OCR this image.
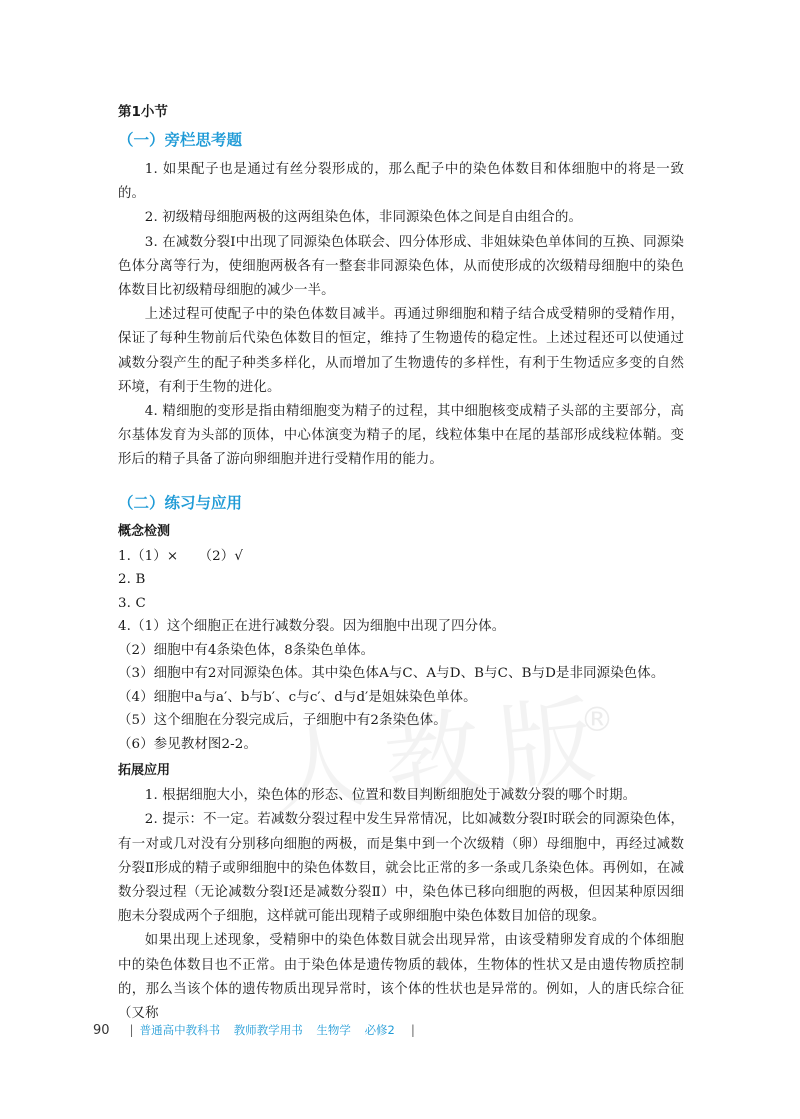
®
第1小节
（一）旁栏思考题

1. 如果配子也是通过有丝分裂形成的，那么配子中的染色体数目和体细胞中的将是一致的。

2. 初级精母细胞两极的这两组染色体，非同源染色体之间是自由组合的。

3. 在减数分裂Ⅰ中出现了同源染色体联会、四分体形成、非姐妹染色单体间的互换、同源染色体分离等行为，使细胞两极各有一整套非同源染色体，从而使形成的次级精母细胞中的染色体数目比初级精母细胞的减少一半。

上述过程可使配子中的染色体数目减半。再通过卵细胞和精子结合成受精卵的受精作用，保证了每种生物前后代染色体数目的恒定，维持了生物遗传的稳定性。上述过程还可以使通过减数分裂产生的配子种类多样化，从而增加了生物遗传的多样性，有利于生物适应多变的自然环境，有利于生物的进化。

4. 精细胞的变形是指由精细胞变为精子的过程，其中细胞核变成精子头部的主要部分，高尔基体发育为头部的顶体，中心体演变为精子的尾，线粒体集中在尾的基部形成线粒体鞘。变形后的精子具备了游向卵细胞并进行受精作用的能力。

（二）练习与应用
概念检测

1.（1）×　　（2）√

2. B

3. C

4.（1）这个细胞正在进行减数分裂。因为细胞中出现了四分体。

（2）细胞中有4条染色体，8条染色单体。

（3）细胞中有2对同源染色体。其中染色体A与C、A与D、B与C、B与D是非同源染色体。

（4）细胞中a与a′、b与b′、c与c′、d与d′是姐妹染色单体。

（5）这个细胞在分裂完成后，子细胞中有2条染色体。

（6）参见教材图2-2。

拓展应用

1. 根据细胞大小，染色体的形态、位置和数目判断细胞处于减数分裂的哪个时期。

2. 提示：不一定。若减数分裂过程中发生异常情况，比如减数分裂Ⅰ时联会的同源染色体，有一对或几对没有分别移向细胞的两极，而是集中到一个次级精（卵）母细胞中，再经过减数分裂Ⅱ形成的精子或卵细胞中的染色体数目，就会比正常的多一条或几条染色体。再例如，在减数分裂过程（无论减数分裂Ⅰ还是减数分裂Ⅱ）中，染色体已移向细胞的两极，但因某种原因细胞未分裂成两个子细胞，这样就可能出现精子或卵细胞中染色体数目加倍的现象。

如果出现上述现象，受精卵中的染色体数目就会出现异常，由该受精卵发育成的个体细胞中的染色体数目也不正常。由于染色体是遗传物质的载体，生物体的性状又是由遗传物质控制的，那么当该个体的遗传物质出现异常时，该个体的性状也是异常的。例如，人的唐氏综合征（又称

90 | 普通高中教科书 教师教学用书 生物学 必修2	|
